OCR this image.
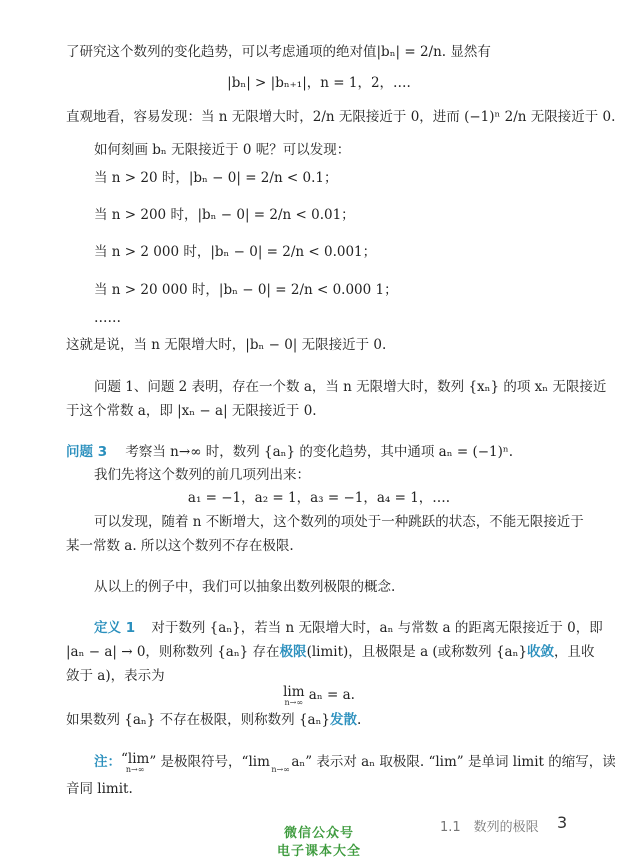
了研究这个数列的变化趋势，可以考虑通项的绝对值|bₙ| = 2/n. 显然有
|bₙ| > |bₙ₊₁|，n = 1，2，….
直观地看，容易发现：当 n 无限增大时，2/n 无限接近于 0，进而 (−1)ⁿ 2/n 无限接近于 0.
如何刻画 bₙ 无限接近于 0 呢？可以发现：
当 n > 20 时，|bₙ − 0| = 2/n < 0.1；
当 n > 200 时，|bₙ − 0| = 2/n < 0.01；
当 n > 2 000 时，|bₙ − 0| = 2/n < 0.001；
当 n > 20 000 时，|bₙ − 0| = 2/n < 0.000 1；
……
这就是说，当 n 无限增大时，|bₙ − 0| 无限接近于 0.
问题 1、问题 2 表明，存在一个数 a，当 n 无限增大时，数列 {xₙ} 的项 xₙ 无限接近
于这个常数 a，即 |xₙ − a| 无限接近于 0.
问题 3 考察当 n→∞ 时，数列 {aₙ} 的变化趋势，其中通项 aₙ = (−1)ⁿ.
我们先将这个数列的前几项列出来：
a₁ = −1，a₂ = 1，a₃ = −1，a₄ = 1，….
可以发现，随着 n 不断增大，这个数列的项处于一种跳跃的状态，不能无限接近于
某一常数 a. 所以这个数列不存在极限.
从以上的例子中，我们可以抽象出数列极限的概念.
定义 1 对于数列 {aₙ}，若当 n 无限增大时，aₙ 与常数 a 的距离无限接近于 0，即
|aₙ − a| → 0，则称数列 {aₙ} 存在极限(limit)，且极限是 a (或称数列 {aₙ}收敛，且收
敛于 a)，表示为
lim
n→∞ aₙ = a.
如果数列 {aₙ} 不存在极限，则称数列 {aₙ}发散.
注：“lim
n→∞ ” 是极限符号，“lim n→∞ aₙ” 表示对 aₙ 取极限. “lim” 是单词 limit 的缩写，读
音同 limit.
1.1　数列的极限 3
微信公众号
电子课本大全
